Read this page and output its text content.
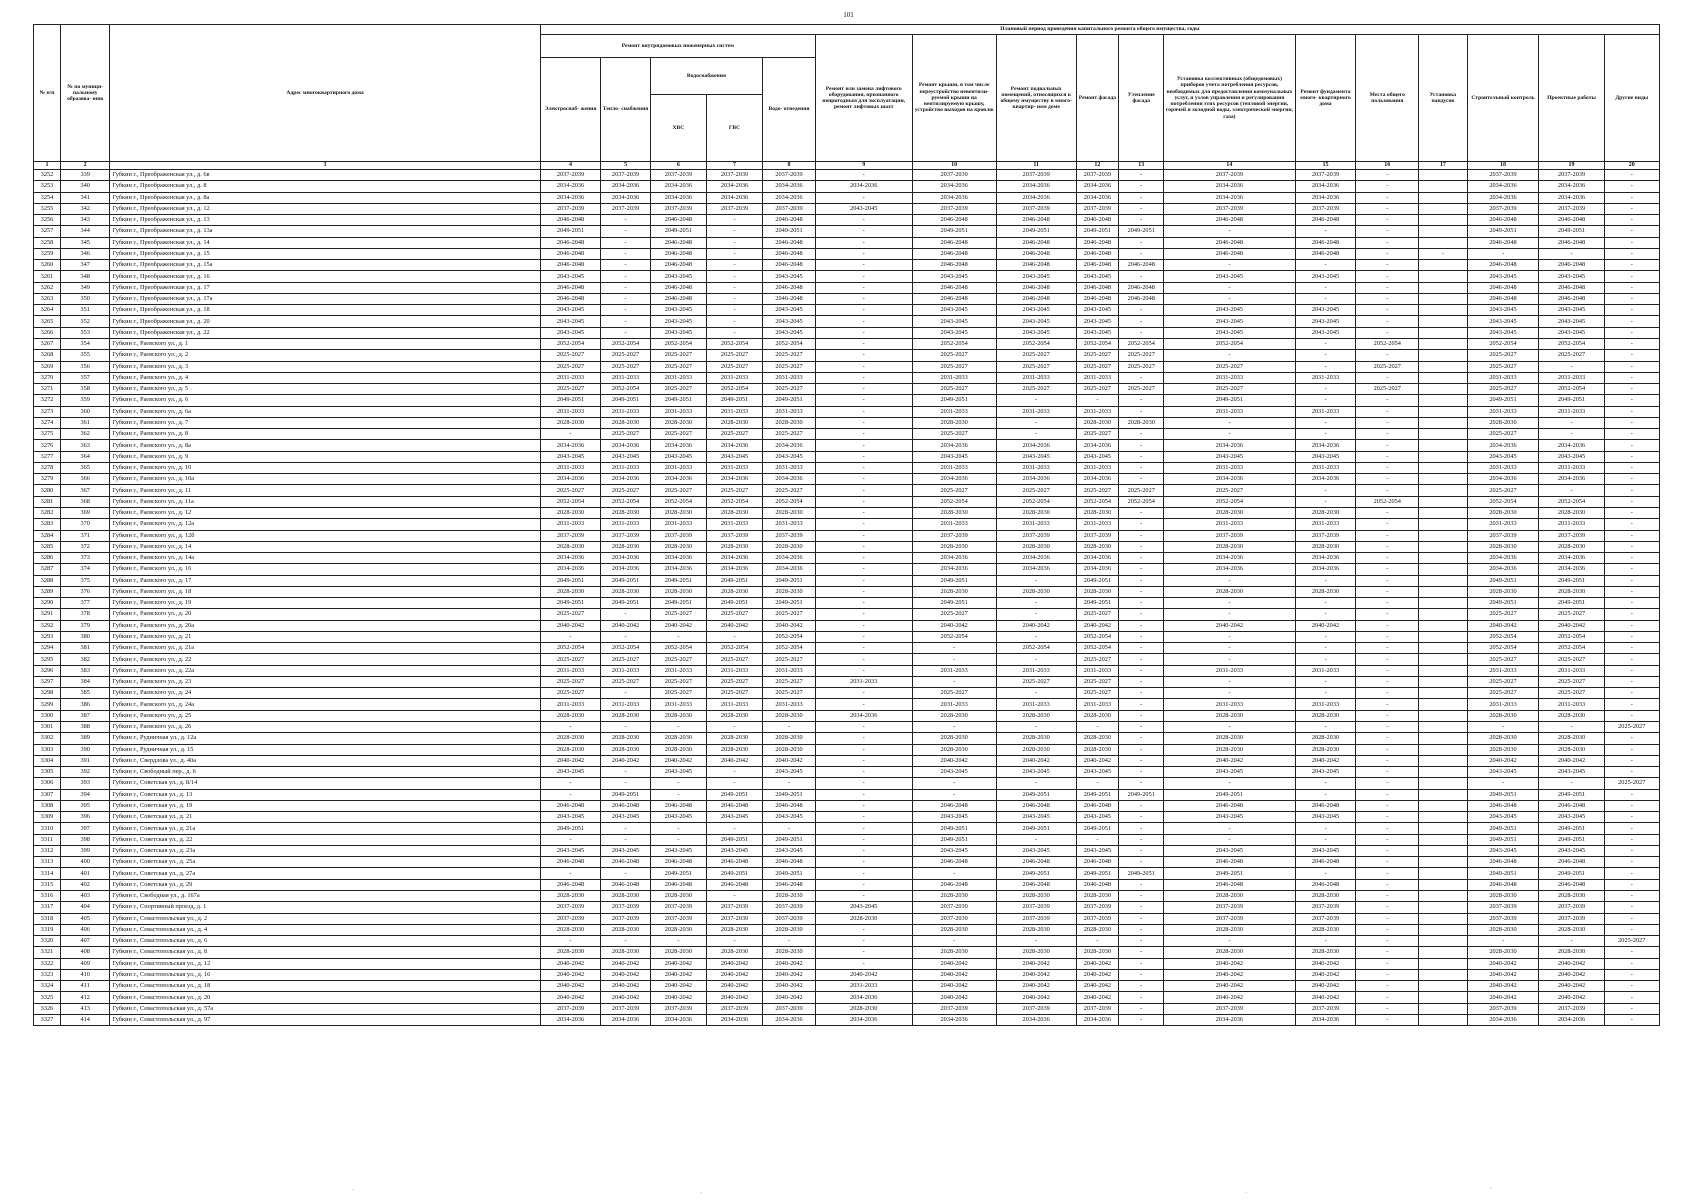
101
№ п/п	№ по муници- пальному образова- нию	Адрес многоквартирного дома	Плановый период проведения капитального ремонта общего имущества, годы																
			Ремонт внутридомовых инженерных систем					Ремонт или замена лифтового оборудования, признанного непригодным для эксплуатации, ремонт лифтовых шахт	Ремонт крыши, в том числе переустройство невентили- руемой крыши на вентилируемую крышу, устройство выходов на кровлю	Ремонт подвальных помещений, относящихся к общему имуществу в много- квартир- ном доме	Ремонт фасада	Утепление фасада	Установка коллективных (общедомовых) приборов учета потребления ресурсов, необходимых для предоставления коммунальных услуг, и узлов управления и регулирования потребления этих ресурсов (тепловой энергии, горячей и холодной воды, электрической энергии, газа)	Ремонт фундамента много- квартирного дома	Места общего пользования	Установка пандусов	Строительный контроль	Проектные работы	Другие виды
			Электроснаб- жения	Тепло- снабжения	Водоснабжения		Водо- отведения												
					ХВС	ГВС													
1	2	3	4	5	6	7	8	9	10	11	12	13	14	15	16	17	18	19	20
3252	339	Губкин г., Преображенская ул., д. 6в	2037-2039	2037-2039	2037-2039	2037-2039	2037-2039	-	2037-2039	2037-2039	2037-2039	-	2037-2039	2037-2039	-		2037-2039	2037-2039	-
3253	340	Губкин г., Преображенская ул., д. 8	2034-2036	2034-2036	2034-2036	2034-2036	2034-2036	2034-2036	2034-2036	2034-2036	2034-2036	-	2034-2036	2034-2036	-		2034-2036	2034-2036	-
3254	341	Губкин г., Преображенская ул., д. 8а	2034-2036	2034-2036	2034-2036	2034-2036	2034-2036	-	2034-2036	2034-2036	2034-2036	-	2034-2036	2034-2036	-		2034-2036	2034-2036	-
3255	342	Губкин г., Преображенская ул., д. 12	2037-2039	2037-2039	2037-2039	2037-2039	2037-2039	2043-2045	2037-2039	2037-2039	2037-2039	-	2037-2039	2037-2039	-		2037-2039	2037-2039	-
3256	343	Губкин г., Преображенская ул., д. 13	2046-2048	-	2046-2048	-	2046-2048	-	2046-2048	2046-2048	2046-2048	-	2046-2048	2046-2048	-		2046-2048	2046-2048	-
3257	344	Губкин г., Преображенская ул., д. 13а	2049-2051	-	2049-2051	-	2049-2051	-	2049-2051	2049-2051	2049-2051	2049-2051	-	-	-		2049-2051	2049-2051	-
3258	345	Губкин г., Преображенская ул., д. 14	2046-2048	-	2046-2048	-	2046-2048	-	2046-2048	2046-2048	2046-2048	-	2046-2048	2046-2048	-		2046-2048	2046-2048	-
3259	346	Губкин г., Преображенская ул., д. 15	2046-2048	-	2046-2048	-	2046-2048	-	2046-2048	2046-2048	2046-2048	-	2046-2048	2046-2048	-	-	-	-	-
3260	347	Губкин г., Преображенская ул., д. 15а	2046-2048	-	2046-2048	-	2046-2048	-	2046-2048	2046-2048	2046-2048	2046-2048	-	-	-		2046-2048	2046-2048	-
3261	348	Губкин г., Преображенская ул., д. 16	2043-2045	-	2043-2045	-	2043-2045	-	2043-2045	2043-2045	2043-2045	-	2043-2045	2043-2045	-		2043-2045	2043-2045	-
3262	349	Губкин г., Преображенская ул., д. 17	2046-2048	-	2046-2048	-	2046-2048	-	2046-2048	2046-2048	2046-2048	2046-2048	-	-	-		2046-2048	2046-2048	-
3263	350	Губкин г., Преображенская ул., д. 17а	2046-2048	-	2046-2048	-	2046-2048	-	2046-2048	2046-2048	2046-2048	2046-2048	-	-	-		2046-2048	2046-2048	-
3264	351	Губкин г., Преображенская ул., д. 18	2043-2045	-	2043-2045	-	2043-2045	-	2043-2045	2043-2045	2043-2045	-	2043-2045	2043-2045	-		2043-2045	2043-2045	-
3265	352	Губкин г., Преображенская ул., д. 20	2043-2045	-	2043-2045	-	2043-2045	-	2043-2045	2043-2045	2043-2045	-	2043-2045	2043-2045	-		2043-2045	2043-2045	-
3266	353	Губкин г., Преображенская ул., д. 22	2043-2045	-	2043-2045	-	2043-2045	-	2043-2045	2043-2045	2043-2045	-	2043-2045	2043-2045	-		2043-2045	2043-2045	-
3267	354	Губкин г., Раевского ул., д. 1	2052-2054	2052-2054	2052-2054	2052-2054	2052-2054	-	2052-2054	2052-2054	2052-2054	2052-2054	2052-2054	-	2052-2054		2052-2054	2052-2054	-
3268	355	Губкин г., Раевского ул., д. 2	2025-2027	2025-2027	2025-2027	2025-2027	2025-2027	-	2025-2027	2025-2027	2025-2027	2025-2027	-	-	-		2025-2027	2025-2027	-
3269	356	Губкин г., Раевского ул., д. 3	2025-2027	2025-2027	2025-2027	2025-2027	2025-2027	-	2025-2027	2025-2027	2025-2027	2025-2027	2025-2027	-	2025-2027		2025-2027	-	-
3270	357	Губкин г., Раевского ул., д. 4	2031-2033	2031-2033	2031-2033	2031-2033	2031-2033	-	2031-2033	2031-2033	2031-2033	-	2031-2033	2031-2033	-		2031-2033	2031-2033	-
3271	358	Губкин г., Раевского ул., д. 5	2025-2027	2052-2054	2025-2027	2052-2054	2025-2027	-	2025-2027	2025-2027	2025-2027	2025-2027	2025-2027	-	2025-2027		2025-2027	2052-2054	-
3272	359	Губкин г., Раевского ул., д. 6	2049-2051	2049-2051	2049-2051	2049-2051	2049-2051	-	2049-2051	-	-	-	2049-2051	-	-		2049-2051	2049-2051	-
3273	360	Губкин г., Раевского ул., д. 6а	2031-2033	2031-2033	2031-2033	2031-2033	2031-2033	-	2031-2033	2031-2033	2031-2033	-	2031-2033	2031-2033	-		2031-2033	2031-2033	-
3274	361	Губкин г., Раевского ул., д. 7	2028-2030	2028-2030	2028-2030	2028-2030	2028-2030	-	2028-2030	-	2028-2030	2028-2030	-	-	-		2028-2030	-	-
3275	362	Губкин г., Раевского ул., д. 8	-	2025-2027	2025-2027	2025-2027	2025-2027	-	2025-2027	-	2025-2027	-	-	-	-		2025-2027	-	-
3276	363	Губкин г., Раевского ул., д. 8а	2034-2036	2034-2036	2034-2036	2034-2036	2034-2036	-	2034-2036	2034-2036	2034-2036	-	2034-2036	2034-2036	-		2034-2036	2034-2036	-
3277	364	Губкин г., Раевского ул., д. 9	2043-2045	2043-2045	2043-2045	2043-2045	2043-2045	-	2043-2045	2043-2045	2043-2045	-	2043-2045	2043-2045	-		2043-2045	2043-2045	-
3278	365	Губкин г., Раевского ул., д. 10	2031-2033	2031-2033	2031-2033	2031-2033	2031-2033	-	2031-2033	2031-2033	2031-2033	-	2031-2033	2031-2033	-		2031-2033	2031-2033	-
3279	366	Губкин г., Раевского ул., д. 10а	2034-2036	2034-2036	2034-2036	2034-2036	2034-2036	-	2034-2036	2034-2036	2034-2036	-	2034-2036	2034-2036	-		2034-2036	2034-2036	-
3280	367	Губкин г., Раевского ул., д. 11	2025-2027	2025-2027	2025-2027	2025-2027	2025-2027	-	2025-2027	2025-2027	2025-2027	2025-2027	2025-2027	-	-		2025-2027	-	-
3281	368	Губкин г., Раевского ул., д. 11а	2052-2054	2052-2054	2052-2054	2052-2054	2052-2054	-	2052-2054	2052-2054	2052-2054	2052-2054	2052-2054	-	2052-2054		2052-2054	2052-2054	-
3282	369	Губкин г., Раевского ул., д. 12	2028-2030	2028-2030	2028-2030	2028-2030	2028-2030	-	2028-2030	2028-2030	2028-2030	-	2028-2030	2028-2030	-		2028-2030	2028-2030	-
3283	370	Губкин г., Раевского ул., д. 12а	2031-2033	2031-2033	2031-2033	2031-2033	2031-2033	-	2031-2033	2031-2033	2031-2033	-	2031-2033	2031-2033	-		2031-2033	2031-2033	-
3284	371	Губкин г., Раевского ул., д. 12б	2037-2039	2037-2039	2037-2039	2037-2039	2037-2039	-	2037-2039	2037-2039	2037-2039	-	2037-2039	2037-2039	-		2037-2039	2037-2039	-
3285	372	Губкин г., Раевского ул., д. 14	2028-2030	2028-2030	2028-2030	2028-2030	2028-2030	-	2028-2030	2028-2030	2028-2030	-	2028-2030	2028-2030	-		2028-2030	2028-2030	-
3286	373	Губкин г., Раевского ул., д. 14а	2034-2036	2034-2036	2034-2036	2034-2036	2034-2036	-	2034-2036	2034-2036	2034-2036	-	2034-2036	2034-2036	-		2034-2036	2034-2036	-
3287	374	Губкин г., Раевского ул., д. 16	2034-2036	2034-2036	2034-2036	2034-2036	2034-2036	-	2034-2036	2034-2036	2034-2036	-	2034-2036	2034-2036	-		2034-2036	2034-2036	-
3288	375	Губкин г., Раевского ул., д. 17	2049-2051	2049-2051	2049-2051	2049-2051	2049-2051	-	2049-2051	-	2049-2051	-	-	-	-		2049-2051	2049-2051	-
3289	376	Губкин г., Раевского ул., д. 18	2028-2030	2028-2030	2028-2030	2028-2030	2028-2030	-	2028-2030	2028-2030	2028-2030	-	2028-2030	2028-2030	-		2028-2030	2028-2030	-
3290	377	Губкин г., Раевского ул., д. 19	2049-2051	2049-2051	2049-2051	2049-2051	2049-2051	-	2049-2051	-	2049-2051	-	-	-	-		2049-2051	2049-2051	-
3291	378	Губкин г., Раевского ул., д. 20	2025-2027	-	2025-2027	2025-2027	2025-2027	-	2025-2027	-	2025-2027	-	-	-	-		2025-2027	2025-2027	-
3292	379	Губкин г., Раевского ул., д. 20а	2040-2042	2040-2042	2040-2042	2040-2042	2040-2042	-	2040-2042	2040-2042	2040-2042	-	2040-2042	2040-2042	-		2040-2042	2040-2042	-
3293	380	Губкин г., Раевского ул., д. 21	-	-	-	-	2052-2054	-	2052-2054	-	2052-2054	-	-	-	-		2052-2054	2052-2054	-
3294	381	Губкин г., Раевского ул., д. 21а	2052-2054	2052-2054	2052-2054	2052-2054	2052-2054	-	-	2052-2054	2052-2054	-	-	-	-		2052-2054	2052-2054	-
3295	382	Губкин г., Раевского ул., д. 22	2025-2027	2025-2027	2025-2027	2025-2027	2025-2027	-	-	-	2025-2027	-	-	-	-		2025-2027	2025-2027	-
3296	383	Губкин г., Раевского ул., д. 22а	2031-2033	2031-2033	2031-2033	2031-2033	2031-2033	-	2031-2033	2031-2033	2031-2033	-	2031-2033	2031-2033	-		2031-2033	2031-2033	-
3297	384	Губкин г., Раевского ул., д. 23	2025-2027	2025-2027	2025-2027	2025-2027	2025-2027	2031-2033	-	2025-2027	2025-2027	-	-	-	-		2025-2027	2025-2027	-
3298	385	Губкин г., Раевского ул., д. 24	2025-2027	-	2025-2027	2025-2027	2025-2027	-	2025-2027	-	2025-2027	-	-	-	-		2025-2027	2025-2027	-
3299	386	Губкин г., Раевского ул., д. 24а	2031-2033	2031-2033	2031-2033	2031-2033	2031-2033	-	2031-2033	2031-2033	2031-2033	-	2031-2033	2031-2033	-		2031-2033	2031-2033	-
3300	387	Губкин г., Раевского ул., д. 25	2028-2030	2028-2030	2028-2030	2028-2030	2028-2030	2034-2036	2028-2030	2028-2030	2028-2030	-	2028-2030	2028-2030	-		2028-2030	2028-2030	-
3301	388	Губкин г., Раевского ул., д. 26	-	-	-	-	-	-	-	-	-	-	-	-	-		-	-	2025-2027
3302	389	Губкин г., Рудничная ул., д. 12а	2028-2030	2028-2030	2028-2030	2028-2030	2028-2030	-	2028-2030	2028-2030	2028-2030	-	2028-2030	2028-2030	-		2028-2030	2028-2030	-
3303	390	Губкин г., Рудничная ул., д. 15	2028-2030	2028-2030	2028-2030	2028-2030	2028-2030	-	2028-2030	2028-2030	2028-2030	-	2028-2030	2028-2030	-		2028-2030	2028-2030	-
3304	391	Губкин г., Свердлова ул., д. 40а	2040-2042	2040-2042	2040-2042	2040-2042	2040-2042	-	2040-2042	2040-2042	2040-2042	-	2040-2042	2040-2042	-		2040-2042	2040-2042	-
3305	392	Губкин г., Свободный пер., д. 6	2043-2045	-	2043-2045	-	2043-2045	-	2043-2045	2043-2045	2043-2045	-	2043-2045	2043-2045	-		2043-2045	2043-2045	-
3306	393	Губкин г., Советская ул., д. 8/14	-	-	-	-	-	-	-	-	-	-	-	-	-		-	-	2025-2027
3307	394	Губкин г., Советская ул., д. 13	-	2049-2051	-	2049-2051	2049-2051	-	-	2049-2051	2049-2051	2049-2051	2049-2051	-	-		2049-2051	2049-2051	-
3308	395	Губкин г., Советская ул., д. 19	2046-2048	2046-2048	2046-2048	2046-2048	2046-2048	-	2046-2048	2046-2048	2046-2048	-	2046-2048	2046-2048	-		2046-2048	2046-2048	-
3309	396	Губкин г., Советская ул., д. 21	2043-2045	2043-2045	2043-2045	2043-2045	2043-2045	-	2043-2045	2043-2045	2043-2045	-	2043-2045	2043-2045	-		2043-2045	2043-2045	-
3310	397	Губкин г., Советская ул., д. 21а	2049-2051	-	-	-	-	-	2049-2051	2049-2051	2049-2051	-	-	-	-		2049-2051	2049-2051	-
3311	398	Губкин г., Советская ул., д. 22	-	-	-	2049-2051	2049-2051	-	2049-2051	-	-	-	-	-	-		2049-2051	2049-2051	-
3312	399	Губкин г., Советская ул., д. 23а	2043-2045	2043-2045	2043-2045	2043-2045	2043-2045	-	2043-2045	2043-2045	2043-2045	-	2043-2045	2043-2045	-		2043-2045	2043-2045	-
3313	400	Губкин г., Советская ул., д. 25а	2046-2048	2046-2048	2046-2048	2046-2048	2046-2048	-	2046-2048	2046-2048	2046-2048	-	2046-2048	2046-2048	-		2046-2048	2046-2048	-
3314	401	Губкин г., Советская ул., д. 27а	-	-	2049-2051	2049-2051	2049-2051	-	-	2049-2051	2049-2051	2049-2051	2049-2051	-	-		2049-2051	2049-2051	-
3315	402	Губкин г., Советская ул., д. 29	2046-2048	2046-2048	2046-2048	2046-2048	2046-2048	-	2046-2048	2046-2048	2046-2048	-	2046-2048	2046-2048	-		2046-2048	2046-2048	-
3316	403	Губкин г., Свободная ул., д. 167а	2028-2030	2028-2030	2028-2030	-	2028-2030	-	2028-2030	2028-2030	2028-2030	-	2028-2030	2028-2030	-		2028-2030	2028-2030	-
3317	404	Губкин г., Спортивный проезд, д. 1	2037-2039	2037-2039	2037-2039	2037-2039	2037-2039	2043-2045	2037-2039	2037-2039	2037-2039	-	2037-2039	2037-2039	-		2037-2039	2037-2039	-
3318	405	Губкин г., Севастопольская ул., д. 2	2037-2039	2037-2039	2037-2039	2037-2039	2037-2039	2028-2030	2037-2039	2037-2039	2037-2039	-	2037-2039	2037-2039	-		2037-2039	2037-2039	-
3319	406	Губкин г., Севастопольская ул., д. 4	2028-2030	2028-2030	2028-2030	2028-2030	2028-2030	-	2028-2030	2028-2030	2028-2030	-	2028-2030	2028-2030	-		2028-2030	2028-2030	-
3320	407	Губкин г., Севастопольская ул., д. 6	-	-	-	-	-	-	-	-	-	-	-	-	-		-	-	2025-2027
3321	408	Губкин г., Севастопольская ул., д. 8	2028-2030	2028-2030	2028-2030	2028-2030	2028-2030	-	2028-2030	2028-2030	2028-2030	-	2028-2030	2028-2030	-		2028-2030	2028-2030	-
3322	409	Губкин г., Севастопольская ул., д. 12	2040-2042	2040-2042	2040-2042	2040-2042	2040-2042	-	2040-2042	2040-2042	2040-2042	-	2040-2042	2040-2042	-		2040-2042	2040-2042	-
3323	410	Губкин г., Севастопольская ул., д. 16	2040-2042	2040-2042	2040-2042	2040-2042	2040-2042	2040-2042	2040-2042	2040-2042	2040-2042	-	2040-2042	2040-2042	-		2040-2042	2040-2042	-
3324	411	Губкин г., Севастопольская ул., д. 18	2040-2042	2040-2042	2040-2042	2040-2042	2040-2042	2031-2033	2040-2042	2040-2042	2040-2042	-	2040-2042	2040-2042	-		2040-2042	2040-2042	-
3325	412	Губкин г., Севастопольская ул., д. 20	2040-2042	2040-2042	2040-2042	2040-2042	2040-2042	2034-2036	2040-2042	2040-2042	2040-2042	-	2040-2042	2040-2042	-		2040-2042	2040-2042	-
3326	413	Губкин г., Севастопольская ул., д. 57а	2037-2039	2037-2039	2037-2039	2037-2039	2037-2039	2028-2030	2037-2039	2037-2039	2037-2039	-	2037-2039	2037-2039	-		2037-2039	2037-2039	-
3327	414	Губкин г., Севастопольская ул., д. 97	2034-2036	2034-2036	2034-2036	2034-2036	2034-2036	2034-2036	2034-2036	2034-2036	2034-2036	-	2034-2036	2034-2036	-		2034-2036	2034-2036	-
·	·	·
·
